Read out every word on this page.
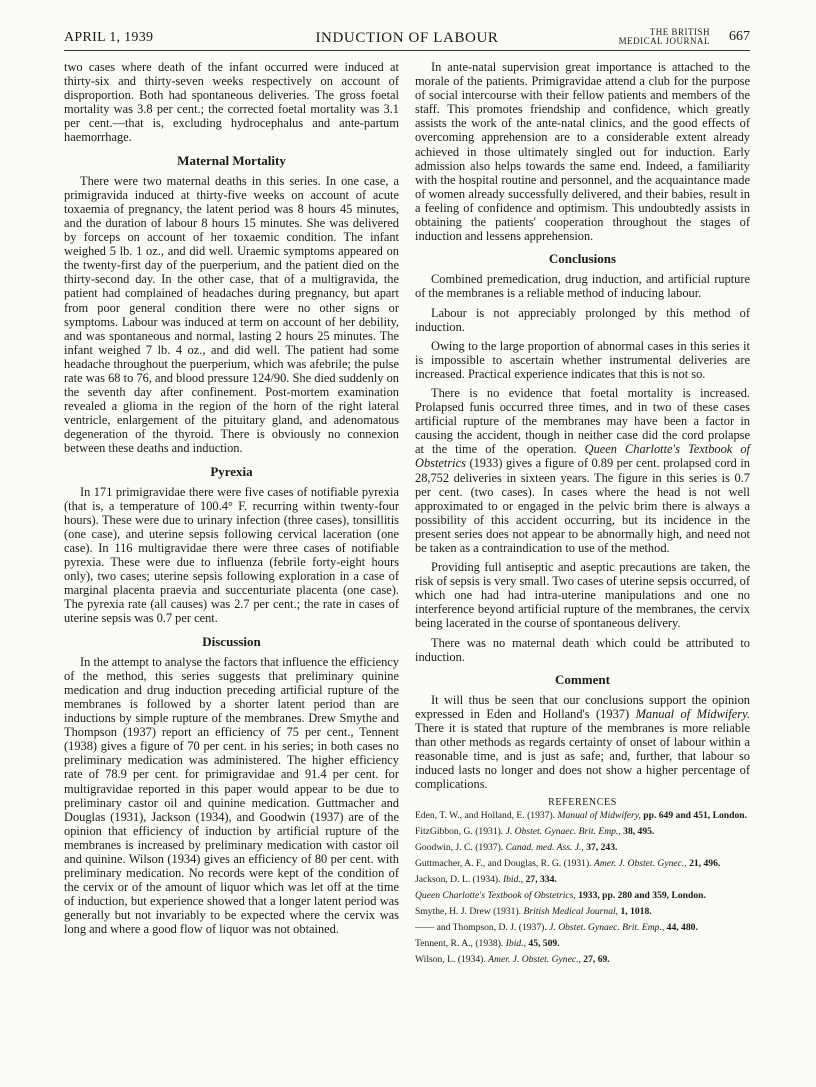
APRIL 1, 1939	INDUCTION OF LABOUR	THE BRITISH
MEDICAL JOURNAL 667

two cases where death of the infant occurred were induced at thirty-six and thirty-seven weeks respectively on account of disproportion. Both had spontaneous deliveries. The gross foetal mortality was 3.8 per cent.; the corrected foetal mortality was 3.1 per cent.—that is, excluding hydrocephalus and ante-partum haemorrhage.

Maternal Mortality

There were two maternal deaths in this series. In one case, a primigravida induced at thirty-five weeks on account of acute toxaemia of pregnancy, the latent period was 8 hours 45 minutes, and the duration of labour 8 hours 15 minutes. She was delivered by forceps on account of her toxaemic condition. The infant weighed 5 lb. 1 oz., and did well. Uraemic symptoms appeared on the twenty-first day of the puerperium, and the patient died on the thirty-second day. In the other case, that of a multigravida, the patient had complained of headaches during pregnancy, but apart from poor general condition there were no other signs or symptoms. Labour was induced at term on account of her debility, and was spontaneous and normal, lasting 2 hours 25 minutes. The infant weighed 7 lb. 4 oz., and did well. The patient had some headache throughout the puerperium, which was afebrile; the pulse rate was 68 to 76, and blood pressure 124/90. She died suddenly on the seventh day after confinement. Post-mortem examination revealed a glioma in the region of the horn of the right lateral ventricle, enlargement of the pituitary gland, and adenomatous degeneration of the thyroid. There is obviously no connexion between these deaths and induction.

Pyrexia

In 171 primigravidae there were five cases of notifiable pyrexia (that is, a temperature of 100.4° F. recurring within twenty-four hours). These were due to urinary infection (three cases), tonsillitis (one case), and uterine sepsis following cervical laceration (one case). In 116 multigravidae there were three cases of notifiable pyrexia. These were due to influenza (febrile forty-eight hours only), two cases; uterine sepsis following exploration in a case of marginal placenta praevia and succenturiate placenta (one case). The pyrexia rate (all causes) was 2.7 per cent.; the rate in cases of uterine sepsis was 0.7 per cent.

Discussion

In the attempt to analyse the factors that influence the efficiency of the method, this series suggests that preliminary quinine medication and drug induction preceding artificial rupture of the membranes is followed by a shorter latent period than are inductions by simple rupture of the membranes. Drew Smythe and Thompson (1937) report an efficiency of 75 per cent., Tennent (1938) gives a figure of 70 per cent. in his series; in both cases no preliminary medication was administered. The higher efficiency rate of 78.9 per cent. for primigravidae and 91.4 per cent. for multigravidae reported in this paper would appear to be due to preliminary castor oil and quinine medication. Guttmacher and Douglas (1931), Jackson (1934), and Goodwin (1937) are of the opinion that efficiency of induction by artificial rupture of the membranes is increased by preliminary medication with castor oil and quinine. Wilson (1934) gives an efficiency of 80 per cent. with preliminary medication. No records were kept of the condition of the cervix or of the amount of liquor which was let off at the time of induction, but experience showed that a longer latent period was generally but not invariably to be expected where the cervix was long and where a good flow of liquor was not obtained.

In ante-natal supervision great importance is attached to the morale of the patients. Primigravidae attend a club for the purpose of social intercourse with their fellow patients and members of the staff. This promotes friendship and confidence, which greatly assists the work of the ante-natal clinics, and the good effects of overcoming apprehension are to a considerable extent already achieved in those ultimately singled out for induction. Early admission also helps towards the same end. Indeed, a familiarity with the hospital routine and personnel, and the acquaintance made of women already successfully delivered, and their babies, result in a feeling of confidence and optimism. This undoubtedly assists in obtaining the patients' cooperation throughout the stages of induction and lessens apprehension.

Conclusions

Combined premedication, drug induction, and artificial rupture of the membranes is a reliable method of inducing labour.

Labour is not appreciably prolonged by this method of induction.

Owing to the large proportion of abnormal cases in this series it is impossible to ascertain whether instrumental deliveries are increased. Practical experience indicates that this is not so.

There is no evidence that foetal mortality is increased. Prolapsed funis occurred three times, and in two of these cases artificial rupture of the membranes may have been a factor in causing the accident, though in neither case did the cord prolapse at the time of the operation. Queen Charlotte's Textbook of Obstetrics (1933) gives a figure of 0.89 per cent. prolapsed cord in 28,752 deliveries in sixteen years. The figure in this series is 0.7 per cent. (two cases). In cases where the head is not well approximated to or engaged in the pelvic brim there is always a possibility of this accident occurring, but its incidence in the present series does not appear to be abnormally high, and need not be taken as a contraindication to use of the method.

Providing full antiseptic and aseptic precautions are taken, the risk of sepsis is very small. Two cases of uterine sepsis occurred, of which one had had intra-uterine manipulations and one no interference beyond artificial rupture of the membranes, the cervix being lacerated in the course of spontaneous delivery.

There was no maternal death which could be attributed to induction.

Comment

It will thus be seen that our conclusions support the opinion expressed in Eden and Holland's (1937) Manual of Midwifery. There it is stated that rupture of the membranes is more reliable than other methods as regards certainty of onset of labour within a reasonable time, and is just as safe; and, further, that labour so induced lasts no longer and does not show a higher percentage of complications.

REFERENCES

Eden, T. W., and Holland, E. (1937). Manual of Midwifery, pp. 649 and 451, London.

FitzGibbon, G. (1931). J. Obstet. Gynaec. Brit. Emp., 38, 495.

Goodwin, J. C. (1937). Canad. med. Ass. J., 37, 243.

Guttmacher, A. F., and Douglas, R. G. (1931). Amer. J. Obstet. Gynec., 21, 496.

Jackson, D. L. (1934). Ibid., 27, 334.

Queen Charlotte's Textbook of Obstetrics, 1933, pp. 280 and 359, London.

Smythe, H. J. Drew (1931). British Medical Journal, 1, 1018.

—— and Thompson, D. J. (1937). J. Obstet. Gynaec. Brit. Emp., 44, 480.

Tennent, R. A., (1938). Ibid., 45, 509.

Wilson, L. (1934). Amer. J. Obstet. Gynec., 27, 69.
